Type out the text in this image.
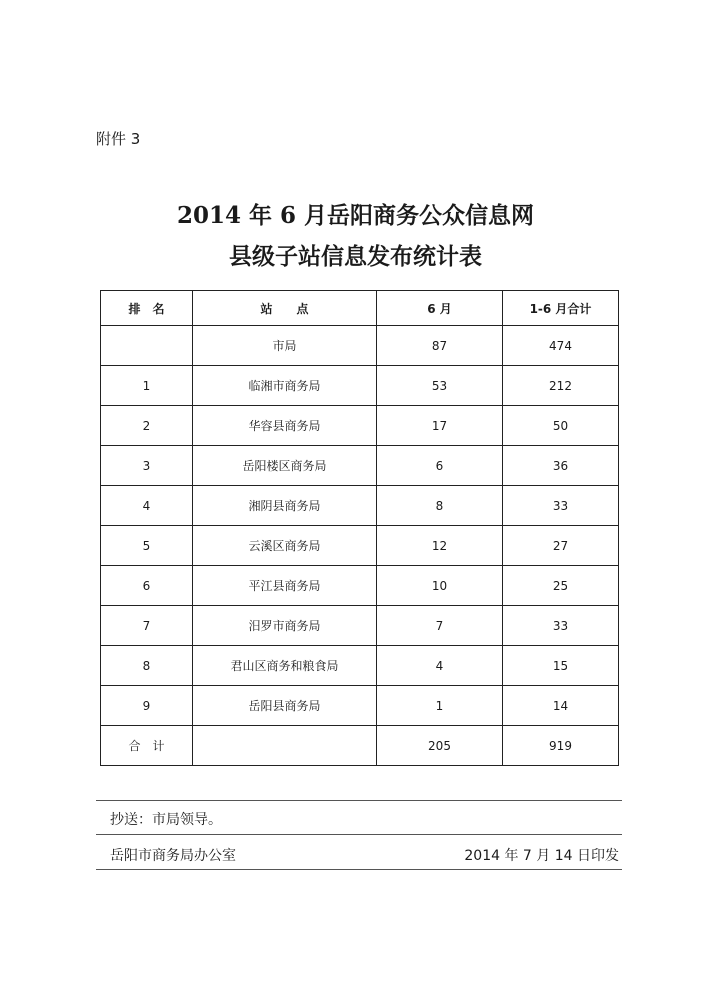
附件 3
2014 年 6 月岳阳商务公众信息网
县级子站信息发布统计表
排　名	站　　点	6 月	1-6 月合计
	市局	87	474
1	临湘市商务局	53	212
2	华容县商务局	17	50
3	岳阳楼区商务局	6	36
4	湘阴县商务局	8	33
5	云溪区商务局	12	27
6	平江县商务局	10	25
7	汨罗市商务局	7	33
8	君山区商务和粮食局	4	15
9	岳阳县商务局	1	14
合　计		205	919
抄送：市局领导。
岳阳市商务局办公室	2014 年 7 月 14 日印发
